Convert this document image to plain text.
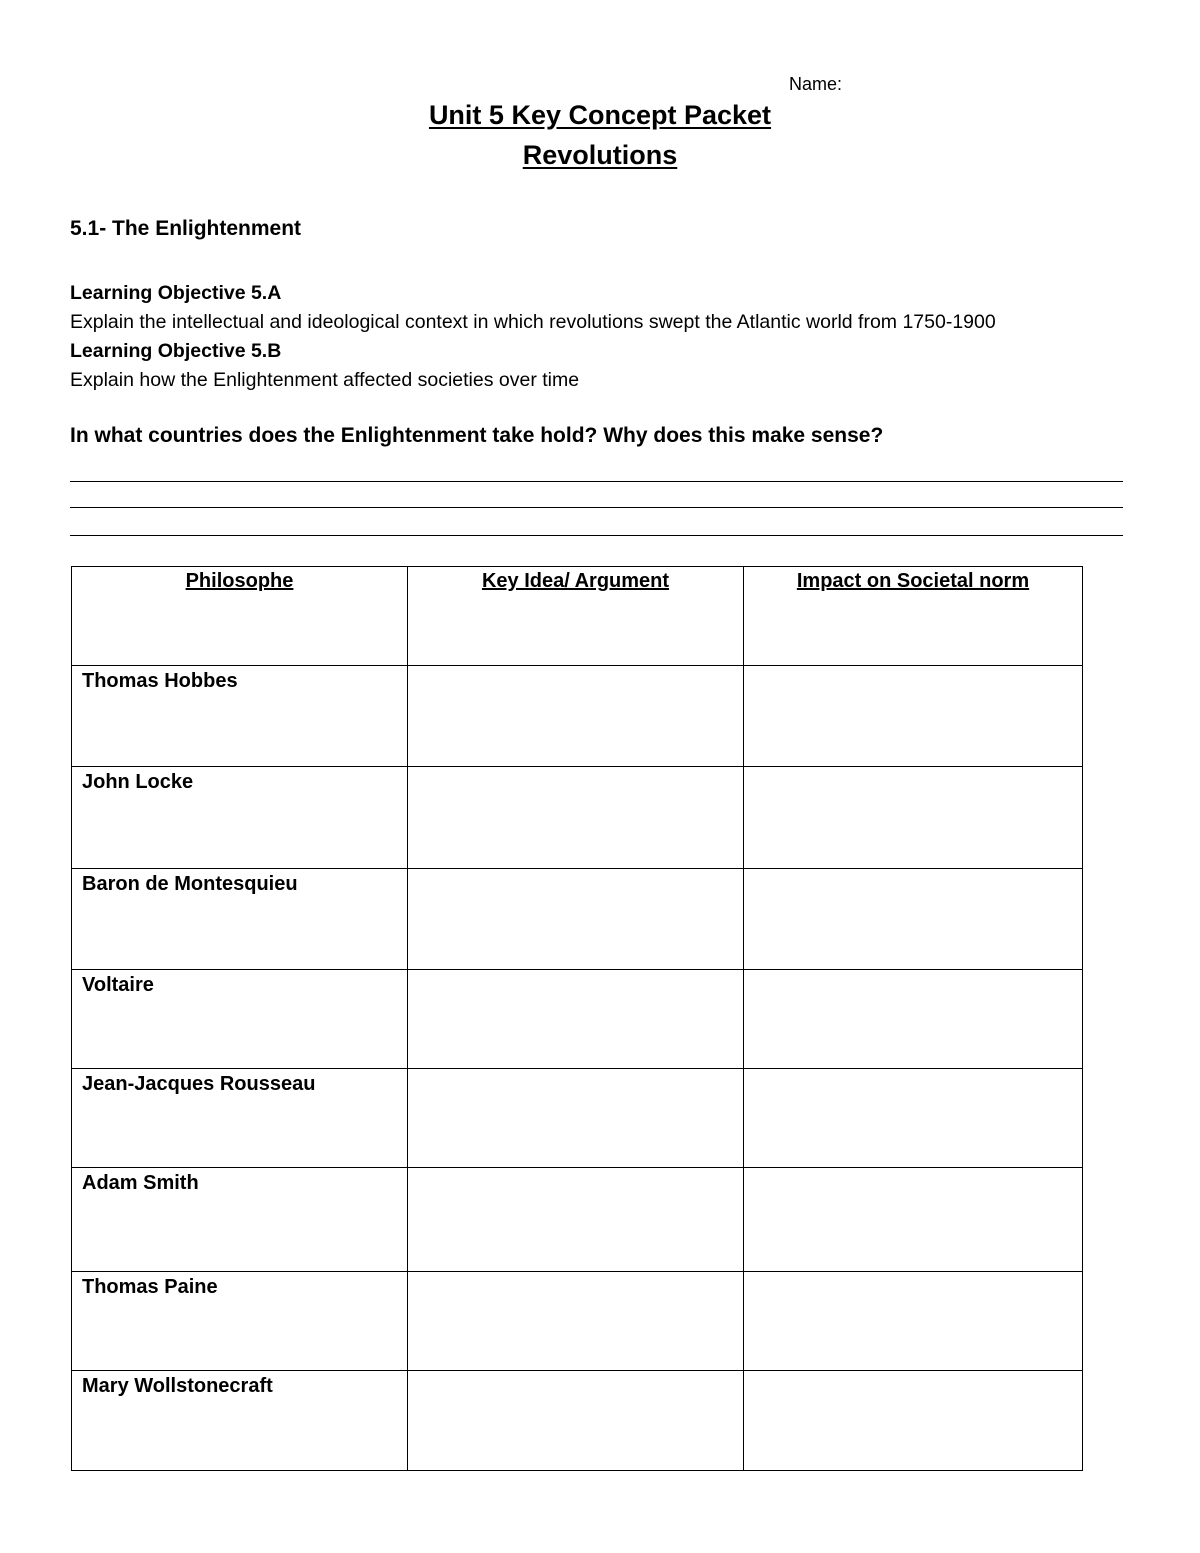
Name:
Unit 5 Key Concept Packet
Revolutions
5.1- The Enlightenment
Learning Objective 5.A
Explain the intellectual and ideological context in which revolutions swept the Atlantic world from 1750-1900
Learning Objective 5.B
Explain how the Enlightenment affected societies over time
In what countries does the Enlightenment take hold? Why does this make sense?
Philosophe	Key Idea/ Argument	Impact on Societal norm
Thomas Hobbes		
John Locke		
Baron de Montesquieu		
Voltaire		
Jean-Jacques Rousseau		
Adam Smith		
Thomas Paine		
Mary Wollstonecraft		
